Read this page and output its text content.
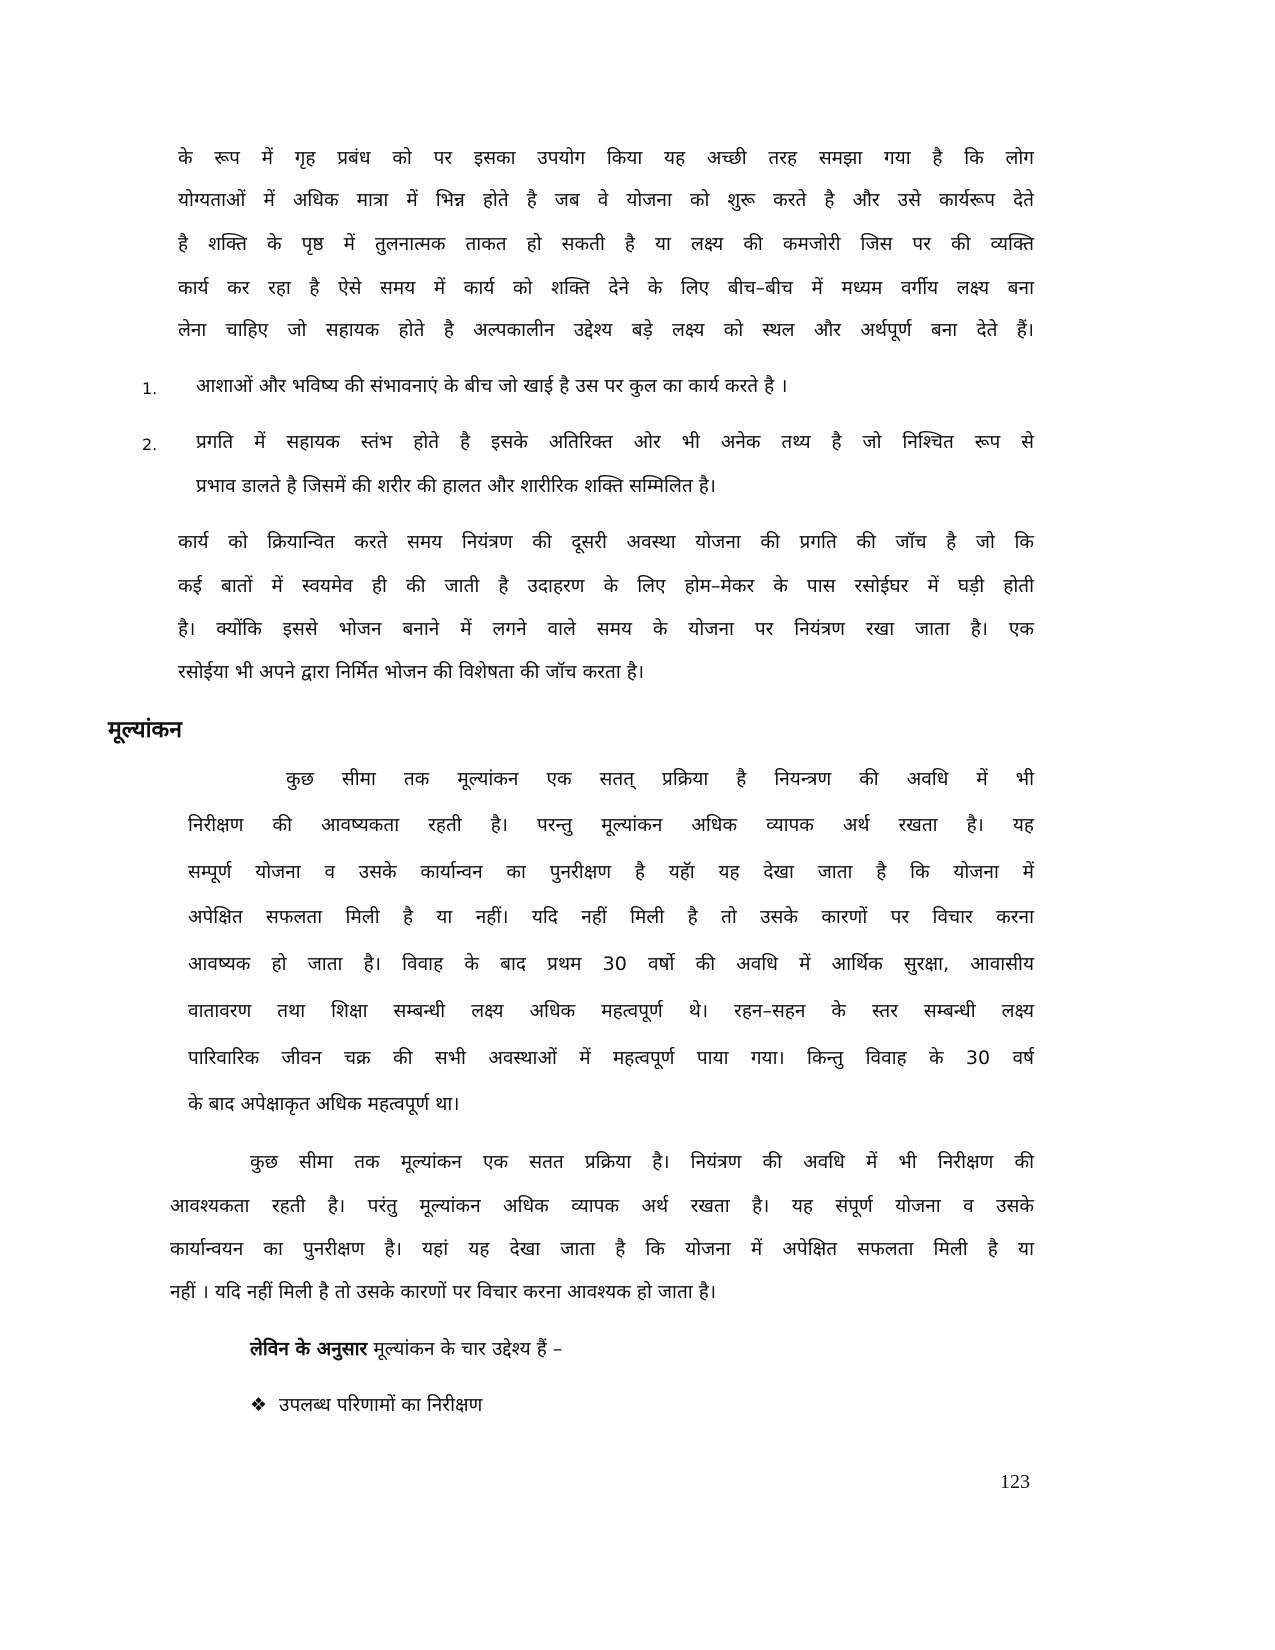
के रूप में गृह प्रबंध को पर इसका उपयोग किया यह अच्छी तरह समझा गया है कि लोग
योग्यताओं में अधिक मात्रा में भिन्न होते है जब वे योजना को शुरू करते है और उसे कार्यरूप देते
है शक्ति के पृष्ठ में तुलनात्मक ताकत हो सकती है या लक्ष्य की कमजोरी जिस पर की व्यक्ति
कार्य कर रहा है ऐसे समय में कार्य को शक्ति देने के लिए बीच–बीच में मध्यम वर्गीय लक्ष्य बना
लेना चाहिए जो सहायक होते है अल्पकालीन उद्देश्य बड़े लक्ष्य को स्थल और अर्थपूर्ण बना देते हैं।
1. आशाओं और भविष्य की संभावनाएं के बीच जो खाई है उस पर कुल का कार्य करते है ।
2. प्रगति में सहायक स्तंभ होते है इसके अतिरिक्त ओर भी अनेक तथ्य है जो निश्चित रूप से
प्रभाव डालते है जिसमें की शरीर की हालत और शारीरिक शक्ति सम्मिलित है।
कार्य को क्रियान्वित करते समय नियंत्रण की दूसरी अवस्था योजना की प्रगति की जॉच है जो कि
कई बातों में स्वयमेव ही की जाती है उदाहरण के लिए होम–मेकर के पास रसोईघर में घड़ी होती
है। क्योंकि इससे भोजन बनाने में लगने वाले समय के योजना पर नियंत्रण रखा जाता है। एक
रसोईया भी अपने द्वारा निर्मित भोजन की विशेषता की जॉच करता है।
मूल्यांकन
कुछ सीमा तक मूल्यांकन एक सतत् प्रक्रिया है नियन्त्रण की अवधि में भी
निरीक्षण की आवष्यकता रहती है। परन्तु मूल्यांकन अधिक व्यापक अर्थ रखता है। यह
सम्पूर्ण योजना व उसके कार्यान्वन का पुनरीक्षण है यहॅा यह देखा जाता है कि योजना में
अपेक्षित सफलता मिली है या नहीं। यदि नहीं मिली है तो उसके कारणों पर विचार करना
आवष्यक हो जाता है। विवाह के बाद प्रथम 30 वर्षो की अवधि में आर्थिक सुरक्षा, आवासीय
वातावरण तथा शिक्षा सम्बन्धी लक्ष्य अधिक महत्वपूर्ण थे। रहन–सहन के स्तर सम्बन्धी लक्ष्य
पारिवारिक जीवन चक्र की सभी अवस्थाओं में महत्वपूर्ण पाया गया। किन्तु विवाह के 30 वर्ष
के बाद अपेक्षाकृत अधिक महत्वपूर्ण था।
कुछ सीमा तक मूल्यांकन एक सतत प्रक्रिया है। नियंत्रण की अवधि में भी निरीक्षण की
आवश्यकता रहती है। परंतु मूल्यांकन अधिक व्यापक अर्थ रखता है। यह संपूर्ण योजना व उसके
कार्यान्वयन का पुनरीक्षण है। यहां यह देखा जाता है कि योजना में अपेक्षित सफलता मिली है या
नहीं । यदि नहीं मिली है तो उसके कारणों पर विचार करना आवश्यक हो जाता है।
लेविन के अनुसार मूल्यांकन के चार उद्देश्य हैं –
❖ उपलब्ध परिणामों का निरीक्षण
123
